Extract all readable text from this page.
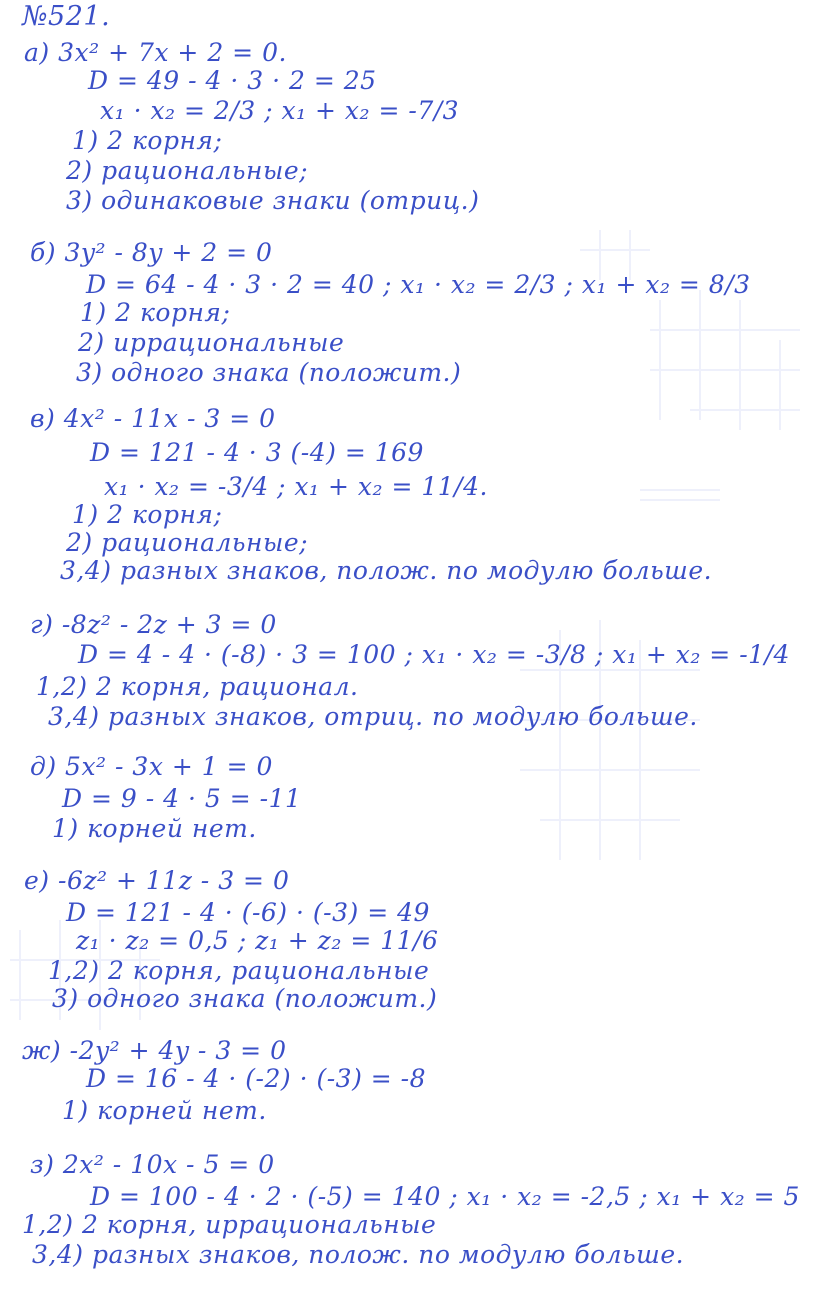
№521.
а) 3x² + 7x + 2 = 0.
D = 49 - 4 · 3 · 2 = 25
x₁ · x₂ = 2/3 ; x₁ + x₂ = -7/3
1) 2 корня;
2) рациональные;
3) одинаковые знаки (отриц.)
б) 3y² - 8y + 2 = 0
D = 64 - 4 · 3 · 2 = 40 ; x₁ · x₂ = 2/3 ; x₁ + x₂ = 8/3
1) 2 корня;
2) иррациональные
3) одного знака (положит.)
в) 4x² - 11x - 3 = 0
D = 121 - 4 · 3 (-4) = 169
x₁ · x₂ = -3/4 ; x₁ + x₂ = 11/4.
1) 2 корня;
2) рациональные;
3,4) разных знаков, полож. по модулю больше.
г) -8z² - 2z + 3 = 0
D = 4 - 4 · (-8) · 3 = 100 ; x₁ · x₂ = -3/8 ; x₁ + x₂ = -1/4
1,2) 2 корня, рационал.
3,4) разных знаков, отриц. по модулю больше.
д) 5x² - 3x + 1 = 0
D = 9 - 4 · 5 = -11
1) корней нет.
е) -6z² + 11z - 3 = 0
D = 121 - 4 · (-6) · (-3) = 49
z₁ · z₂ = 0,5 ; z₁ + z₂ = 11/6
1,2) 2 корня, рациональные
3) одного знака (положит.)
ж) -2y² + 4y - 3 = 0
D = 16 - 4 · (-2) · (-3) = -8
1) корней нет.
з) 2x² - 10x - 5 = 0
D = 100 - 4 · 2 · (-5) = 140 ; x₁ · x₂ = -2,5 ; x₁ + x₂ = 5
1,2) 2 корня, иррациональные
3,4) разных знаков, полож. по модулю больше.
